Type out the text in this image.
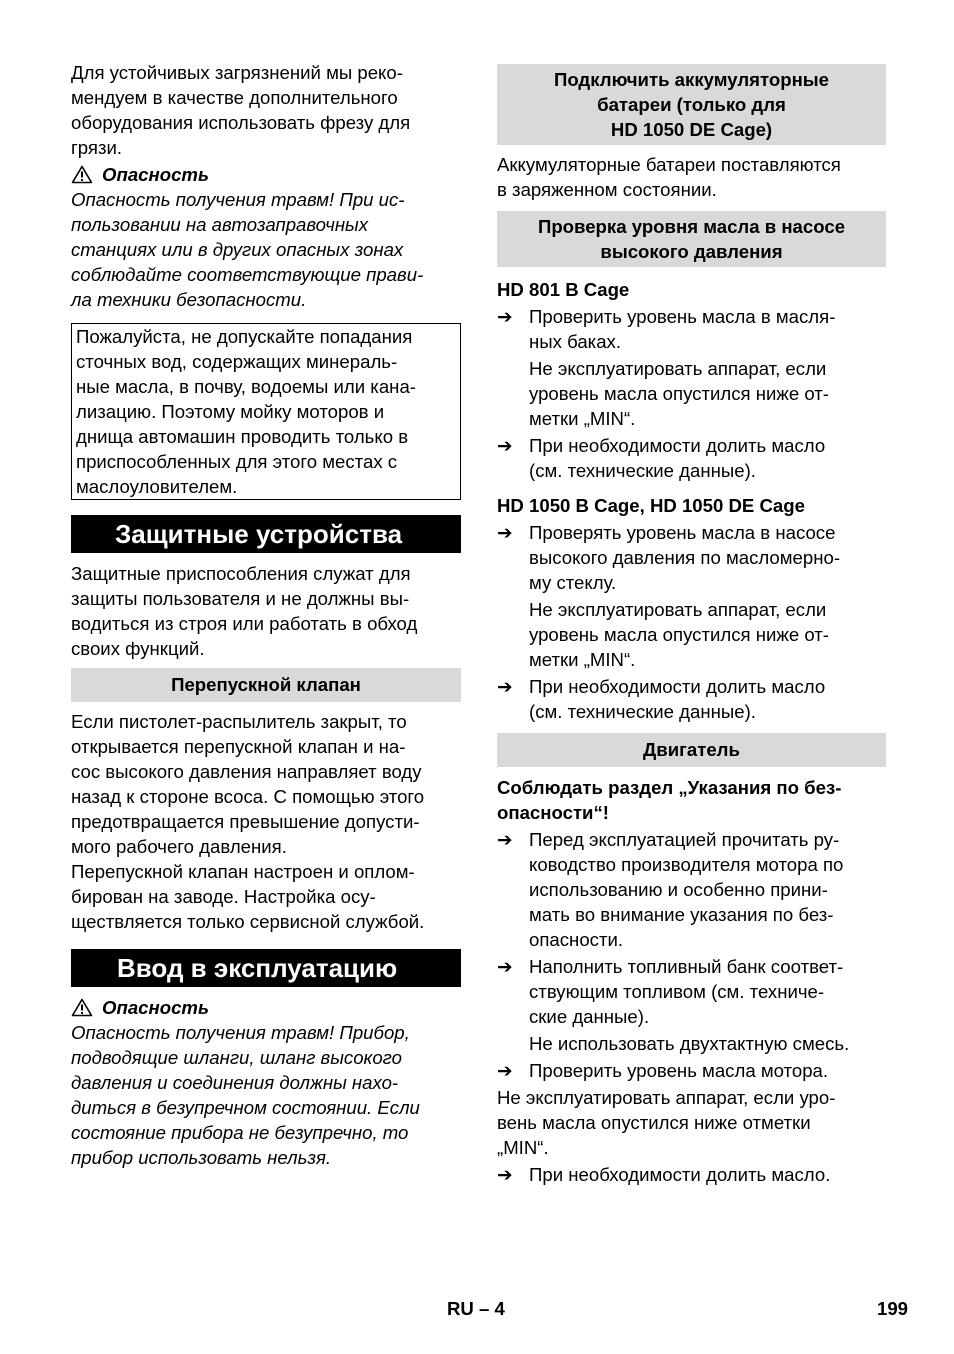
Для устойчивых загрязнений мы реко-
мендуем в качестве дополнительного
оборудования использовать фрезу для
грязи.

Опасность

Опасность получения травм! При ис-
пользовании на автозаправочных
станциях или в других опасных зонах
соблюдайте соответствующие прави-
ла техники безопасности.

Пожалуйста, не допускайте попадания
сточных вод, содержащих минераль-
ные масла, в почву, водоемы или кана-
лизацию. Поэтому мойку моторов и
днища автомашин проводить только в
приспособленных для этого местах с
маслоуловителем.
Защитные устройства

Защитные приспособления служат для
защиты пользователя и не должны вы-
водиться из строя или работать в обход
своих функций.

Перепускной клапан

Если пистолет-распылитель закрыт, то
открывается перепускной клапан и на-
сос высокого давления направляет воду
назад к стороне всоса. С помощью этого
предотвращается превышение допусти-
мого рабочего давления.

Перепускной клапан настроен и оплом-
бирован на заводе. Настройка осу-
ществляется только сервисной службой.

Ввод в эксплуатацию
Опасность

Опасность получения травм! Прибор,
подводящие шланги, шланг высокого
давления и соединения должны нахо-
диться в безупречном состоянии. Если
состояние прибора не безупречно, то
прибор использовать нельзя.

Подключить аккумуляторные
батареи (только для
HD 1050 DE Cage)

Аккумуляторные батареи поставляются
в заряженном состоянии.

Проверка уровня масла в насосе
высокого давления
HD 801 B Cage
➔ Проверить уровень масла в масля-
ных баках.
Не эксплуатировать аппарат, если
уровень масла опустился ниже от-
метки „MIN“.
➔ При необходимости долить масло
(см. технические данные).
HD 1050 B Cage, HD 1050 DE Cage
➔ Проверять уровень масла в насосе
высокого давления по масломерно-
му стеклу.
Не эксплуатировать аппарат, если
уровень масла опустился ниже от-
метки „MIN“.
➔ При необходимости долить масло
(см. технические данные).
Двигатель
Соблюдать раздел „Указания по без-
опасности“!
➔ Перед эксплуатацией прочитать ру-
ководство производителя мотора по
использованию и особенно прини-
мать во внимание указания по без-
опасности.
➔ Наполнить топливный банк соответ-
ствующим топливом (см. техниче-
ские данные).
Не использовать двухтактную смесь.
➔ Проверить уровень масла мотора.

Не эксплуатировать аппарат, если уро-
вень масла опустился ниже отметки
„MIN“.

➔ При необходимости долить масло.
RU – 4	199
